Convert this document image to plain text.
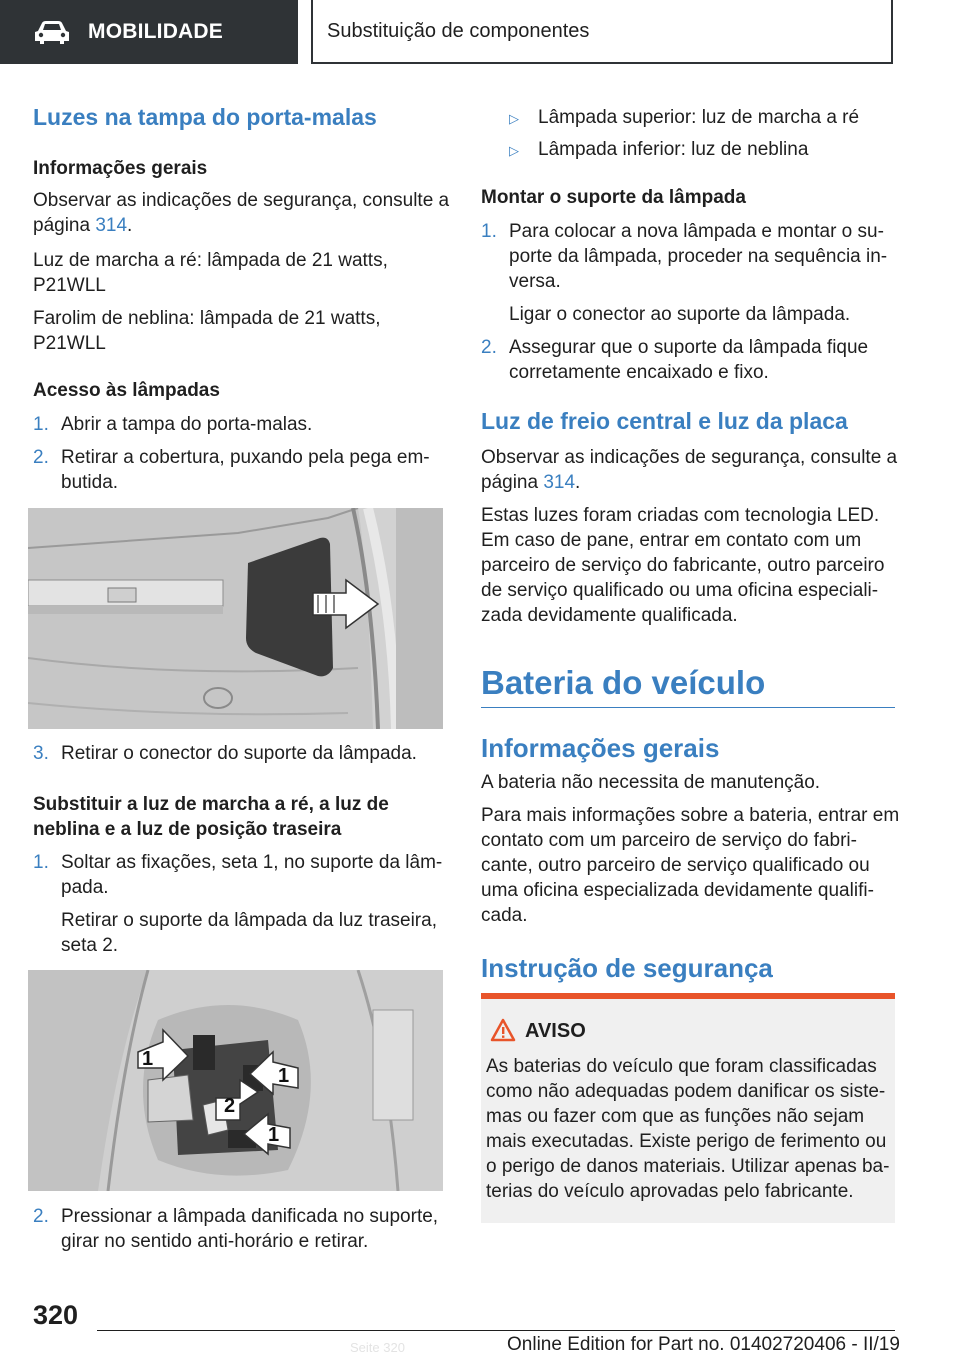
MOBILIDADE	Substituição de componentes
Luzes na tampa do porta-malas
Informações gerais

Observar as indicações de segurança, consulte a

página 314.

Luz de marcha a ré: lâmpada de 21 watts,

P21WLL

Farolim de neblina: lâmpada de 21 watts,

P21WLL

Acesso às lâmpadas
1. Abrir a tampa do porta-malas.

2. Retirar a cobertura, puxando pela pega em-

butida.

3. Retirar o conector do suporte da lâmpada.

Substituir a luz de marcha a ré, a luz de
neblina e a luz de posição traseira
1. Soltar as fixações, seta 1, no suporte da lâm-

pada.

Retirar o suporte da lâmpada da luz traseira,

seta 2.

1
1
2
1
2. Pressionar a lâmpada danificada no suporte,

girar no sentido anti-horário e retirar.

▷ Lâmpada superior: luz de marcha a ré

▷ Lâmpada inferior: luz de neblina

Montar o suporte da lâmpada
1. Para colocar a nova lâmpada e montar o su-

porte da lâmpada, proceder na sequência in-

versa.

Ligar o conector ao suporte da lâmpada.

2. Assegurar que o suporte da lâmpada fique

corretamente encaixado e fixo.

Luz de freio central e luz da placa

Observar as indicações de segurança, consulte a

página 314.

Estas luzes foram criadas com tecnologia LED.

Em caso de pane, entrar em contato com um

parceiro de serviço do fabricante, outro parceiro

de serviço qualificado ou uma oficina especiali-

zada devidamente qualificada.

Bateria do veículo
Informações gerais

A bateria não necessita de manutenção.

Para mais informações sobre a bateria, entrar em

contato com um parceiro de serviço do fabri-

cante, outro parceiro de serviço qualificado ou

uma oficina especializada devidamente qualifi-

cada.

Instrução de segurança
AVISO

As baterias do veículo que foram classificadas

como não adequadas podem danificar os siste-

mas ou fazer com que as funções não sejam

mais executadas. Existe perigo de ferimento ou

o perigo de danos materiais. Utilizar apenas ba-

terias do veículo aprovadas pelo fabricante.

320
Online Edition for Part no. 01402720406 - II/19
Seite 320
